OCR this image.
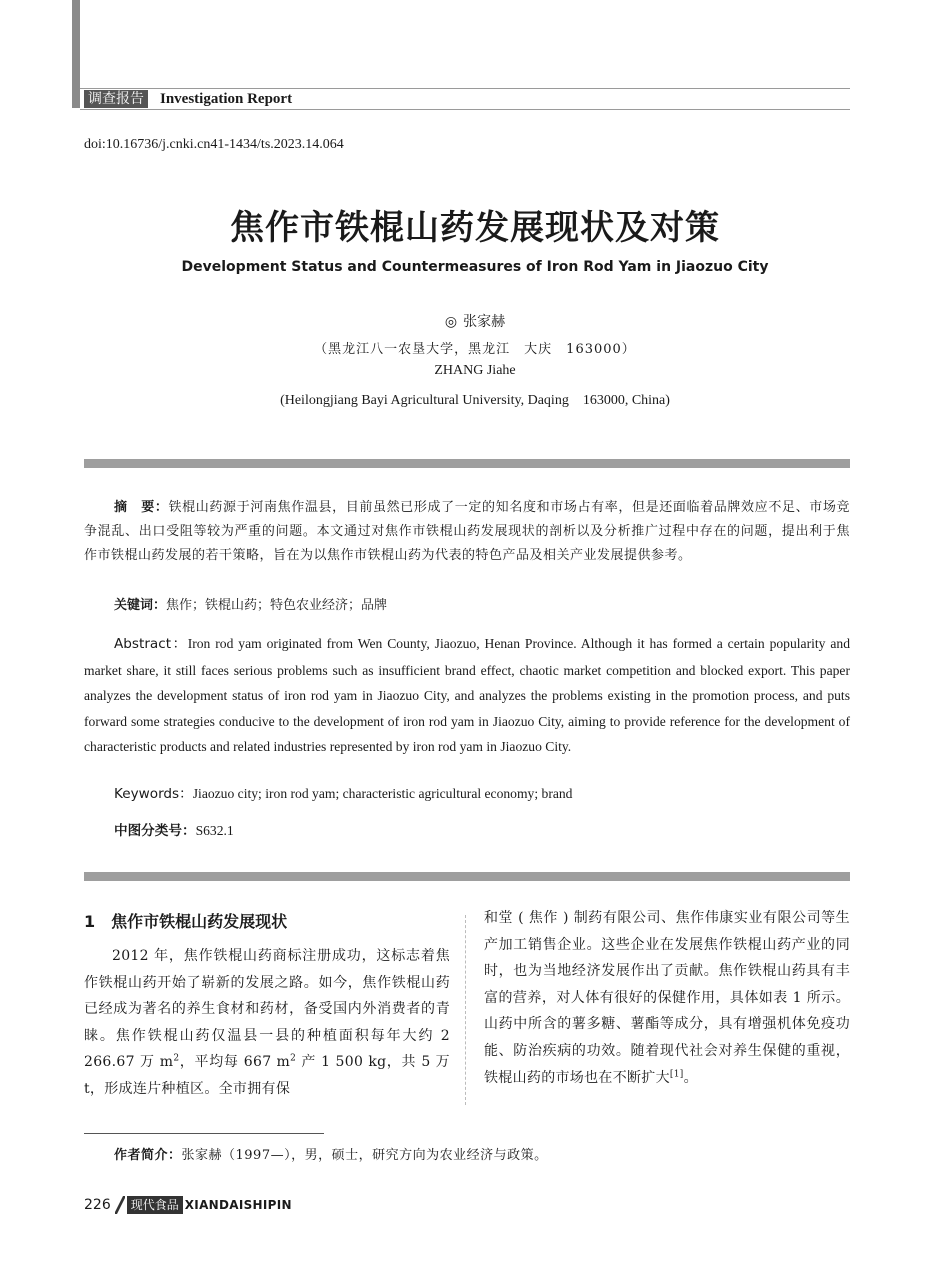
调查报告 Investigation Report
doi:10.16736/j.cnki.cn41-1434/ts.2023.14.064
焦作市铁棍山药发展现状及对策
Development Status and Countermeasures of Iron Rod Yam in Jiaozuo City
◎ 张家赫
（黑龙江八一农垦大学，黑龙江　大庆　163000）
ZHANG Jiahe
(Heilongjiang Bayi Agricultural University, Daqing　163000, China)
摘　要：铁棍山药源于河南焦作温县，目前虽然已形成了一定的知名度和市场占有率，但是还面临着品牌效应不足、市场竞争混乱、出口受阻等较为严重的问题。本文通过对焦作市铁棍山药发展现状的剖析以及分析推广过程中存在的问题，提出利于焦作市铁棍山药发展的若干策略，旨在为以焦作市铁棍山药为代表的特色产品及相关产业发展提供参考。
关键词：焦作；铁棍山药；特色农业经济；品牌
Abstract：Iron rod yam originated from Wen County, Jiaozuo, Henan Province. Although it has formed a certain popularity and market share, it still faces serious problems such as insufficient brand effect, chaotic market competition and blocked export. This paper analyzes the development status of iron rod yam in Jiaozuo City, and analyzes the problems existing in the promotion process, and puts forward some strategies conducive to the development of iron rod yam in Jiaozuo City, aiming to provide reference for the development of characteristic products and related industries represented by iron rod yam in Jiaozuo City.
Keywords：Jiaozuo city; iron rod yam; characteristic agricultural economy; brand
中图分类号：S632.1
1 焦作市铁棍山药发展现状
2012 年，焦作铁棍山药商标注册成功，这标志着焦作铁棍山药开始了崭新的发展之路。如今，焦作铁棍山药已经成为著名的养生食材和药材，备受国内外消费者的青睐。焦作铁棍山药仅温县一县的种植面积每年大约 2 266.67 万 $m^2$，平均每 667 $m^2$ 产 1 500 kg，共 5 万 t，形成连片种植区。全市拥有保
和堂 ( 焦作 ) 制药有限公司、焦作伟康实业有限公司等生产加工销售企业。这些企业在发展焦作铁棍山药产业的同时，也为当地经济发展作出了贡献。焦作铁棍山药具有丰富的营养，对人体有很好的保健作用，具体如表 1 所示。山药中所含的薯多糖、薯酯等成分，具有增强机体免疫功能、防治疾病的功效。随着现代社会对养生保健的重视，铁棍山药的市场也在不断扩大[1]。
作者简介：张家赫（1997—），男，硕士，研究方向为农业经济与政策。
226	现代食品 XIANDAISHIPIN
